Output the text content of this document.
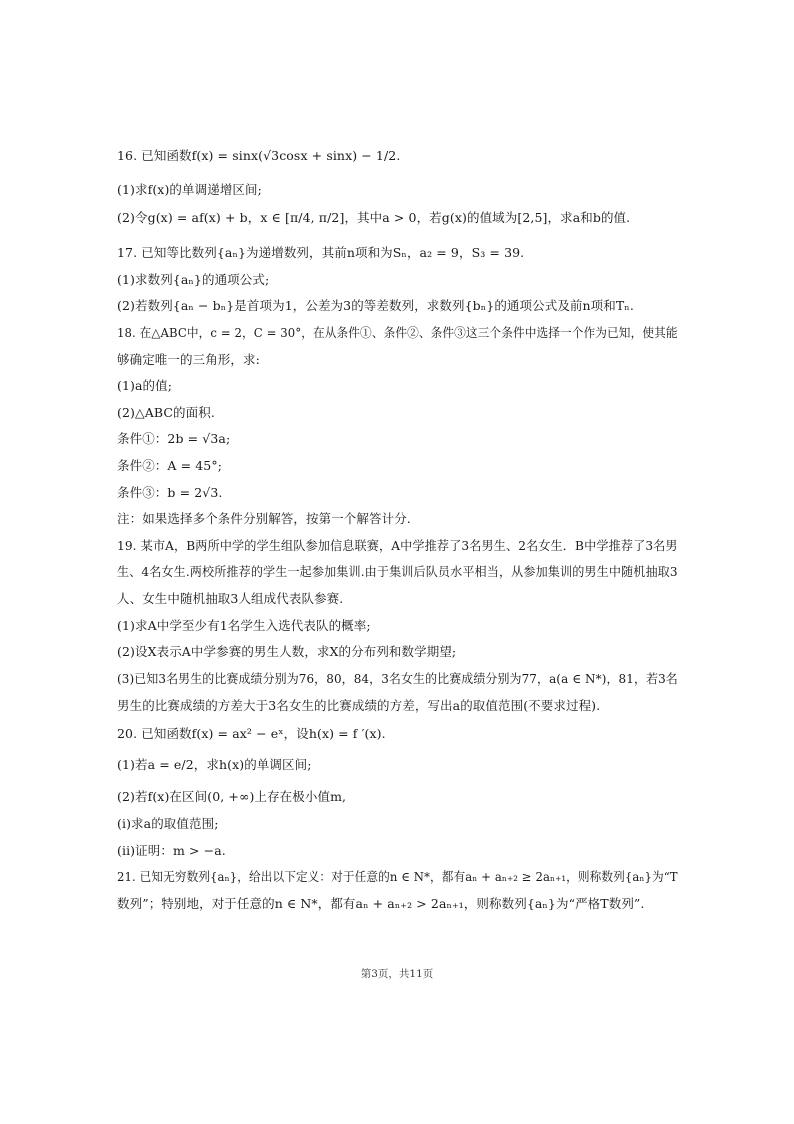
16. 已知函数f(x) = sinx(√3cosx + sinx) − 1/2.
(1)求f(x)的单调递增区间;
(2)令g(x) = af(x) + b，x ∈ [π/4, π/2]，其中a > 0，若g(x)的值域为[2,5]，求a和b的值.
17. 已知等比数列{aₙ}为递增数列，其前n项和为Sₙ，a₂ = 9，S₃ = 39.
(1)求数列{aₙ}的通项公式;
(2)若数列{aₙ − bₙ}是首项为1，公差为3的等差数列，求数列{bₙ}的通项公式及前n项和Tₙ.
18. 在△ABC中，c = 2，C = 30°，在从条件①、条件②、条件③这三个条件中选择一个作为已知，使其能
够确定唯一的三角形，求:
(1)a的值;
(2)△ABC的面积.
条件①：2b = √3a;
条件②：A = 45°;
条件③：b = 2√3.
注：如果选择多个条件分别解答，按第一个解答计分.
19. 某市A，B两所中学的学生组队参加信息联赛，A中学推荐了3名男生、2名女生．B中学推荐了3名男
生、4名女生.两校所推荐的学生一起参加集训.由于集训后队员水平相当，从参加集训的男生中随机抽取3
人、女生中随机抽取3人组成代表队参赛.
(1)求A中学至少有1名学生入选代表队的概率;
(2)设X表示A中学参赛的男生人数，求X的分布列和数学期望;
(3)已知3名男生的比赛成绩分别为76，80，84，3名女生的比赛成绩分别为77，a(a ∈ N*)，81，若3名
男生的比赛成绩的方差大于3名女生的比赛成绩的方差，写出a的取值范围(不要求过程).
20. 已知函数f(x) = ax² − eˣ，设h(x) = f ′(x).
(1)若a = e/2，求h(x)的单调区间;
(2)若f(x)在区间(0, +∞)上存在极小值m,
(i)求a的取值范围;
(ii)证明：m > −a.
21. 已知无穷数列{aₙ}，给出以下定义：对于任意的n ∈ N*，都有aₙ + aₙ₊₂ ≥ 2aₙ₊₁，则称数列{aₙ}为“T
数列”；特别地，对于任意的n ∈ N*，都有aₙ + aₙ₊₂ > 2aₙ₊₁，则称数列{aₙ}为“严格T数列”.
第3页，共11页
